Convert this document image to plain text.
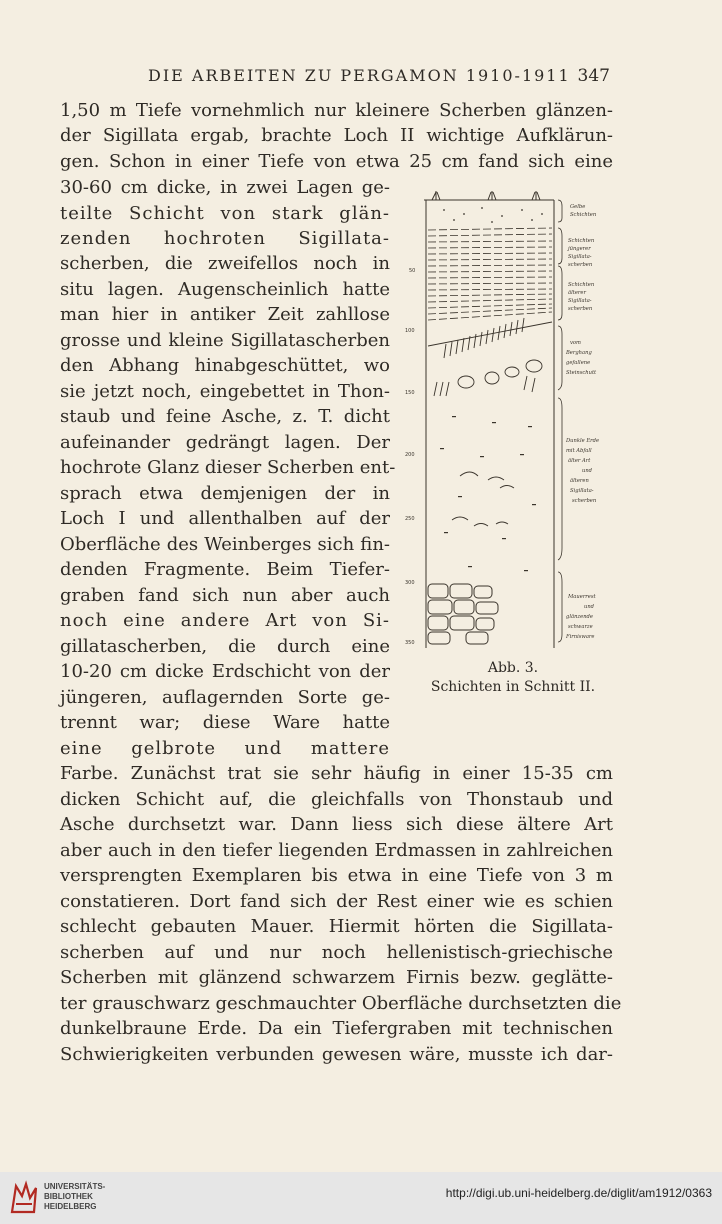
DIE ARBEITEN ZU PERGAMON 1910-1911 347
1,50 m Tiefe vornehmlich nur kleinere Scherben glänzen-
der Sigillata ergab, brachte Loch II wichtige Aufklärun-
gen. Schon in einer Tiefe von etwa 25 cm fand sich eine
30-60 cm dicke, in zwei Lagen ge-
teilte Schicht von stark glän-
zenden hochroten Sigillata-
scherben, die zweifellos noch in
situ lagen. Augenscheinlich hatte
man hier in antiker Zeit zahllose
grosse und kleine Sigillatascherben
den Abhang hinabgeschüttet, wo
sie jetzt noch, eingebettet in Thon-
staub und feine Asche, z. T. dicht
aufeinander gedrängt lagen. Der
hochrote Glanz dieser Scherben ent-
sprach etwa demjenigen der in
Loch I und allenthalben auf der
Oberfläche des Weinberges sich fin-
denden Fragmente. Beim Tiefer-
graben fand sich nun aber auch
noch eine andere Art von Si-
gillatascherben, die durch eine
10-20 cm dicke Erdschicht von der
jüngeren, auflagernden Sorte ge-
trennt war; diese Ware hatte
eine gelbrote und mattere
Farbe. Zunächst trat sie sehr häufig in einer 15-35 cm
dicken Schicht auf, die gleichfalls von Thonstaub und
Asche durchsetzt war. Dann liess sich diese ältere Art
aber auch in den tiefer liegenden Erdmassen in zahlreichen
versprengten Exemplaren bis etwa in eine Tiefe von 3 m
constatieren. Dort fand sich der Rest einer wie es schien
schlecht gebauten Mauer. Hiermit hörten die Sigillata-
scherben auf und nur noch hellenistisch-griechische
Scherben mit glänzend schwarzem Firnis bezw. geglätte-
ter grauschwarz geschmauchter Oberfläche durchsetzten die
dunkelbraune Erde. Da ein Tiefergraben mit technischen
Schwierigkeiten verbunden gewesen wäre, musste ich dar-
50
100
150
200
250
300
350
Gelbe
Schichten
Schichten
jüngerer
Sigillata-
scherben
Schichten
älterer
Sigillata-
scherben
vom
Berghang
gefallene
Steinschutt
Dunkle Erde
mit Abfall
älter Art
und
älteren
Sigillata-
scherben
Mauerrest
und
glänzende
schwarze
Firnisware
Abb. 3.
Schichten in Schnitt II.
UNIVERSITÄTS-
BIBLIOTHEK
HEIDELBERG
http://digi.ub.uni-heidelberg.de/diglit/am1912/0363
